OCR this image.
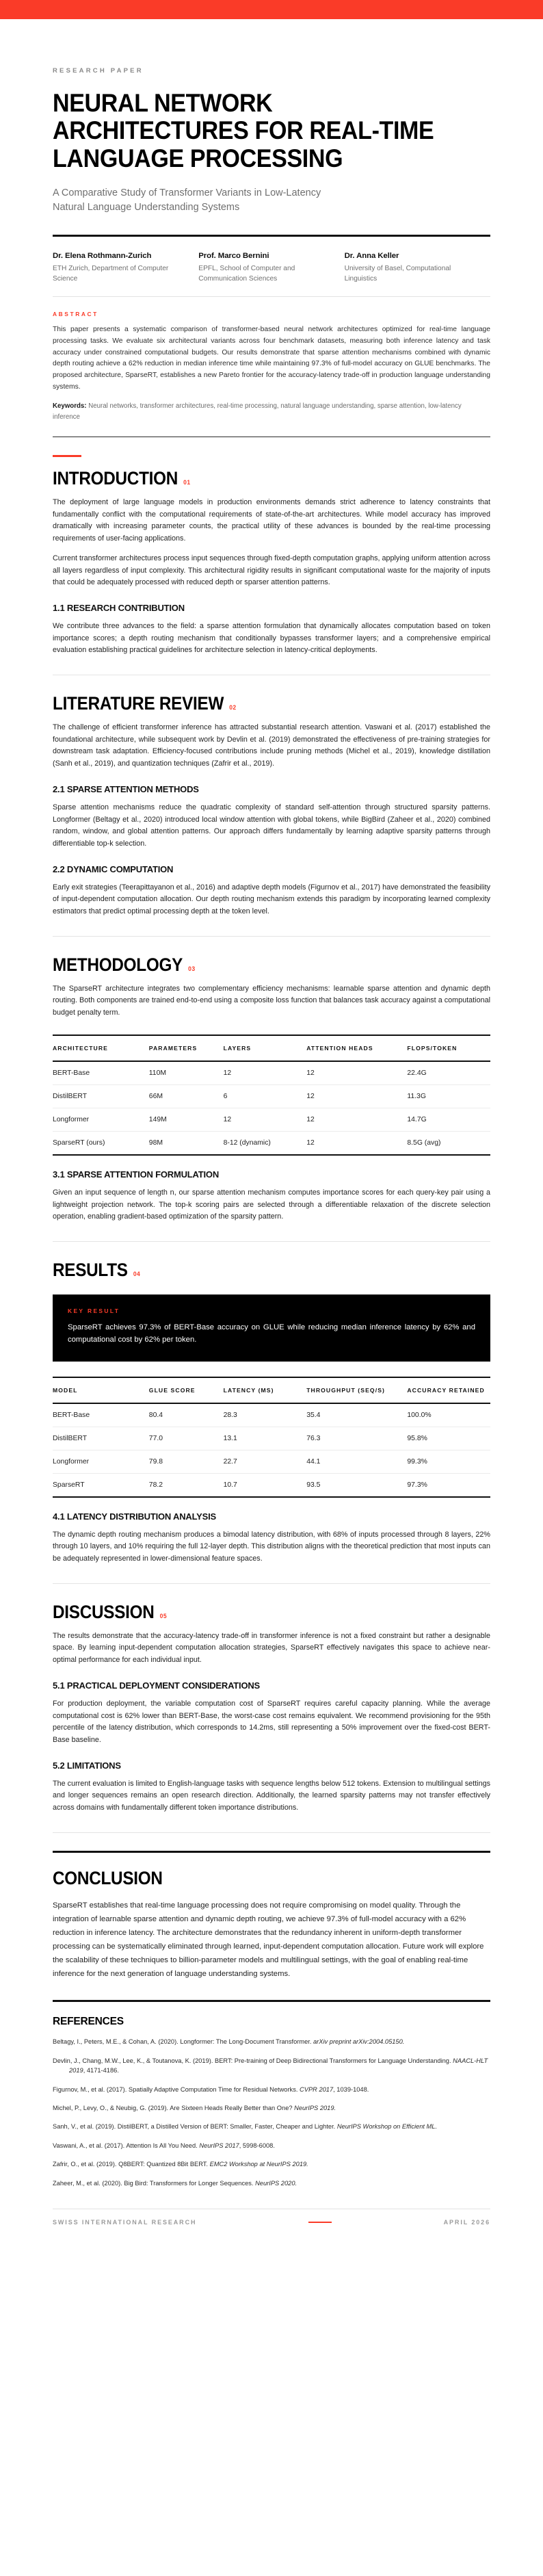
RESEARCH PAPER
NEURAL NETWORK ARCHITECTURES FOR REAL-TIME LANGUAGE PROCESSING
A Comparative Study of Transformer Variants in Low-Latency Natural Language Understanding Systems
Dr. Elena Rothmann-Zurich
ETH Zurich, Department of Computer Science
Prof. Marco Bernini
EPFL, School of Computer and Communication Sciences
Dr. Anna Keller
University of Basel, Computational Linguistics
ABSTRACT

This paper presents a systematic comparison of transformer-based neural network architectures optimized for real-time language processing tasks. We evaluate six architectural variants across four benchmark datasets, measuring both inference latency and task accuracy under constrained computational budgets. Our results demonstrate that sparse attention mechanisms combined with dynamic depth routing achieve a 62% reduction in median inference time while maintaining 97.3% of full-model accuracy on GLUE benchmarks. The proposed architecture, SparseRT, establishes a new Pareto frontier for the accuracy-latency trade-off in production language understanding systems.

Keywords: Neural networks, transformer architectures, real-time processing, natural language understanding, sparse attention, low-latency inference

INTRODUCTION 01

The deployment of large language models in production environments demands strict adherence to latency constraints that fundamentally conflict with the computational requirements of state-of-the-art architectures. While model accuracy has improved dramatically with increasing parameter counts, the practical utility of these advances is bounded by the real-time processing requirements of user-facing applications.

Current transformer architectures process input sequences through fixed-depth computation graphs, applying uniform attention across all layers regardless of input complexity. This architectural rigidity results in significant computational waste for the majority of inputs that could be adequately processed with reduced depth or sparser attention patterns.

1.1 RESEARCH CONTRIBUTION

We contribute three advances to the field: a sparse attention formulation that dynamically allocates computation based on token importance scores; a depth routing mechanism that conditionally bypasses transformer layers; and a comprehensive empirical evaluation establishing practical guidelines for architecture selection in latency-critical deployments.

LITERATURE REVIEW 02

The challenge of efficient transformer inference has attracted substantial research attention. Vaswani et al. (2017) established the foundational architecture, while subsequent work by Devlin et al. (2019) demonstrated the effectiveness of pre-training strategies for downstream task adaptation. Efficiency-focused contributions include pruning methods (Michel et al., 2019), knowledge distillation (Sanh et al., 2019), and quantization techniques (Zafrir et al., 2019).

2.1 SPARSE ATTENTION METHODS

Sparse attention mechanisms reduce the quadratic complexity of standard self-attention through structured sparsity patterns. Longformer (Beltagy et al., 2020) introduced local window attention with global tokens, while BigBird (Zaheer et al., 2020) combined random, window, and global attention patterns. Our approach differs fundamentally by learning adaptive sparsity patterns through differentiable top-k selection.

2.2 DYNAMIC COMPUTATION

Early exit strategies (Teerapittayanon et al., 2016) and adaptive depth models (Figurnov et al., 2017) have demonstrated the feasibility of input-dependent computation allocation. Our depth routing mechanism extends this paradigm by incorporating learned complexity estimators that predict optimal processing depth at the token level.

METHODOLOGY 03

The SparseRT architecture integrates two complementary efficiency mechanisms: learnable sparse attention and dynamic depth routing. Both components are trained end-to-end using a composite loss function that balances task accuracy against a computational budget penalty term.

ARCHITECTURE	PARAMETERS	LAYERS	ATTENTION HEADS	FLOPS/TOKEN
BERT-Base	110M	12	12	22.4G
DistilBERT	66M	6	12	11.3G
Longformer	149M	12	12	14.7G
SparseRT (ours)	98M	8-12 (dynamic)	12	8.5G (avg)
3.1 SPARSE ATTENTION FORMULATION

Given an input sequence of length n, our sparse attention mechanism computes importance scores for each query-key pair using a lightweight projection network. The top-k scoring pairs are selected through a differentiable relaxation of the discrete selection operation, enabling gradient-based optimization of the sparsity pattern.

RESULTS 04
KEY RESULT
SparseRT achieves 97.3% of BERT-Base accuracy on GLUE while reducing median inference latency by 62% and computational cost by 62% per token.
MODEL	GLUE SCORE	LATENCY (MS)	THROUGHPUT (SEQ/S)	ACCURACY RETAINED
BERT-Base	80.4	28.3	35.4	100.0%
DistilBERT	77.0	13.1	76.3	95.8%
Longformer	79.8	22.7	44.1	99.3%
SparseRT	78.2	10.7	93.5	97.3%
4.1 LATENCY DISTRIBUTION ANALYSIS

The dynamic depth routing mechanism produces a bimodal latency distribution, with 68% of inputs processed through 8 layers, 22% through 10 layers, and 10% requiring the full 12-layer depth. This distribution aligns with the theoretical prediction that most inputs can be adequately represented in lower-dimensional feature spaces.

DISCUSSION 05

The results demonstrate that the accuracy-latency trade-off in transformer inference is not a fixed constraint but rather a designable space. By learning input-dependent computation allocation strategies, SparseRT effectively navigates this space to achieve near-optimal performance for each individual input.

5.1 PRACTICAL DEPLOYMENT CONSIDERATIONS

For production deployment, the variable computation cost of SparseRT requires careful capacity planning. While the average computational cost is 62% lower than BERT-Base, the worst-case cost remains equivalent. We recommend provisioning for the 95th percentile of the latency distribution, which corresponds to 14.2ms, still representing a 50% improvement over the fixed-cost BERT-Base baseline.

5.2 LIMITATIONS

The current evaluation is limited to English-language tasks with sequence lengths below 512 tokens. Extension to multilingual settings and longer sequences remains an open research direction. Additionally, the learned sparsity patterns may not transfer effectively across domains with fundamentally different token importance distributions.

CONCLUSION

SparseRT establishes that real-time language processing does not require compromising on model quality. Through the integration of learnable sparse attention and dynamic depth routing, we achieve 97.3% of full-model accuracy with a 62% reduction in inference latency. The architecture demonstrates that the redundancy inherent in uniform-depth transformer processing can be systematically eliminated through learned, input-dependent computation allocation. Future work will explore the scalability of these techniques to billion-parameter models and multilingual settings, with the goal of enabling real-time inference for the next generation of language understanding systems.

REFERENCES
Beltagy, I., Peters, M.E., & Cohan, A. (2020). Longformer: The Long-Document Transformer. arXiv preprint arXiv:2004.05150.
Devlin, J., Chang, M.W., Lee, K., & Toutanova, K. (2019). BERT: Pre-training of Deep Bidirectional Transformers for Language Understanding. NAACL-HLT 2019, 4171-4186.
Figurnov, M., et al. (2017). Spatially Adaptive Computation Time for Residual Networks. CVPR 2017, 1039-1048.
Michel, P., Levy, O., & Neubig, G. (2019). Are Sixteen Heads Really Better than One? NeurIPS 2019.
Sanh, V., et al. (2019). DistilBERT, a Distilled Version of BERT: Smaller, Faster, Cheaper and Lighter. NeurIPS Workshop on Efficient ML.
Vaswani, A., et al. (2017). Attention Is All You Need. NeurIPS 2017, 5998-6008.
Zafrir, O., et al. (2019). Q8BERT: Quantized 8Bit BERT. EMC2 Workshop at NeurIPS 2019.
Zaheer, M., et al. (2020). Big Bird: Transformers for Longer Sequences. NeurIPS 2020.
SWISS INTERNATIONAL RESEARCH	APRIL 2026
